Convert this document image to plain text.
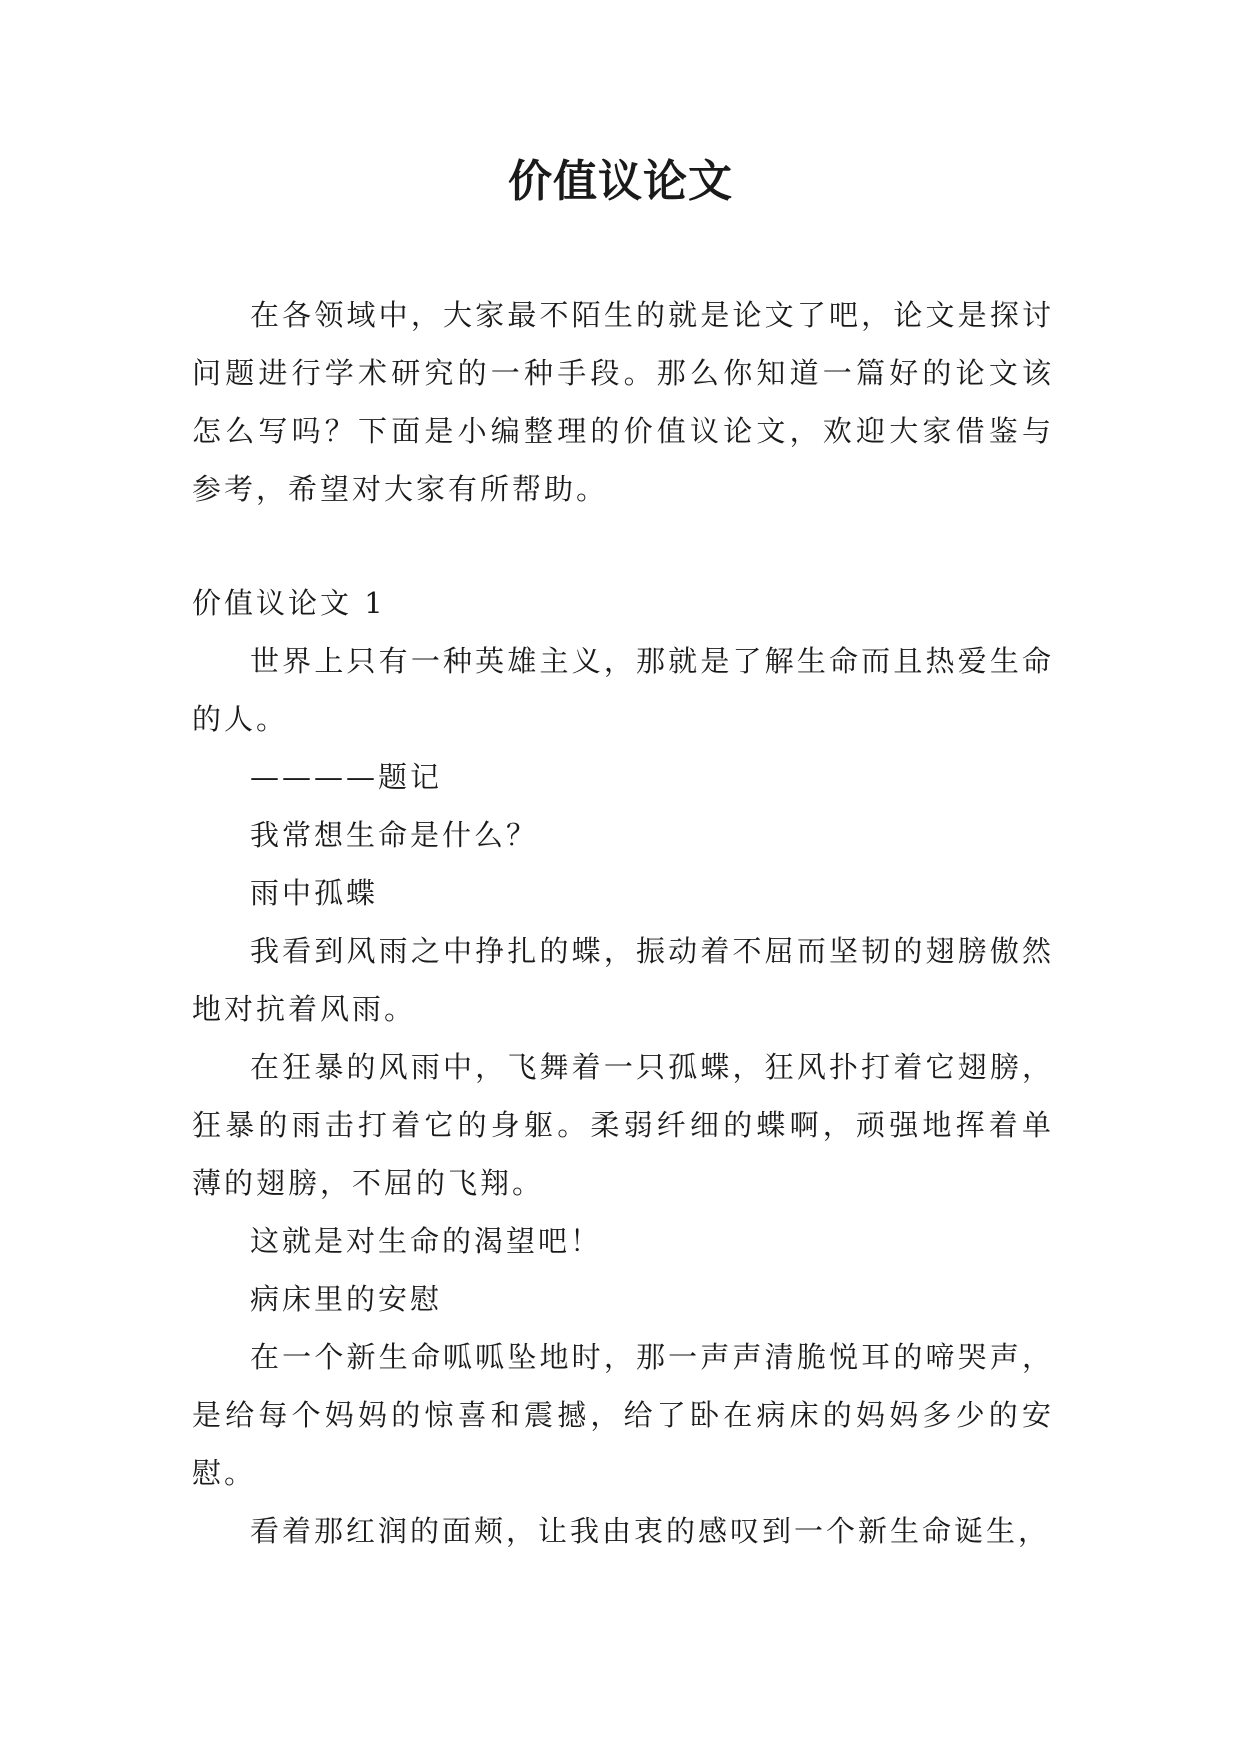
价值议论文

在各领域中，大家最不陌生的就是论文了吧，论文是探讨问题进行学术研究的一种手段。那么你知道一篇好的论文该怎么写吗？下面是小编整理的价值议论文，欢迎大家借鉴与参考，希望对大家有所帮助。

价值议论文 1

世界上只有一种英雄主义，那就是了解生命而且热爱生命的人。

————题记

我常想生命是什么？

雨中孤蝶

我看到风雨之中挣扎的蝶，振动着不屈而坚韧的翅膀傲然地对抗着风雨。

在狂暴的风雨中，飞舞着一只孤蝶，狂风扑打着它翅膀，狂暴的雨击打着它的身躯。柔弱纤细的蝶啊，顽强地挥着单薄的翅膀，不屈的飞翔。

这就是对生命的渴望吧！

病床里的安慰

在一个新生命呱呱坠地时，那一声声清脆悦耳的啼哭声，是给每个妈妈的惊喜和震撼，给了卧在病床的妈妈多少的安慰。

看着那红润的面颊，让我由衷的感叹到一个新生命诞生，
